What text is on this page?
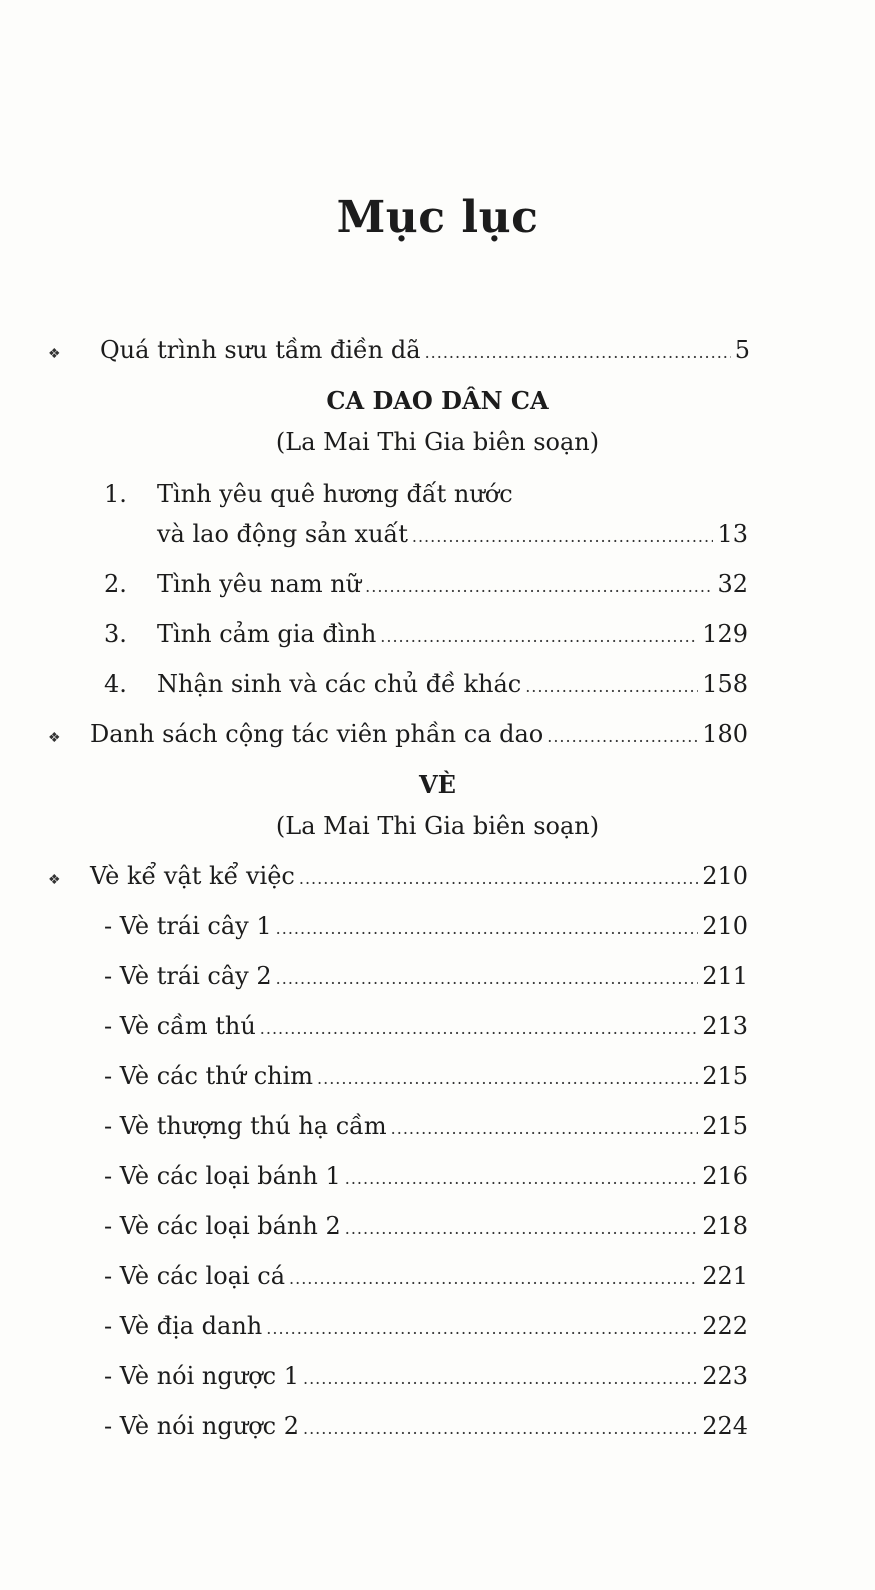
Mục lục
❖ Quá trình sưu tầm điền dã .....	5
CA DAO DÂN CA
(La Mai Thi Gia biên soạn)
1. Tình yêu quê hương đất nước
và lao động sản xuất .....	13
2. Tình yêu nam nữ .....	32
3. Tình cảm gia đình .....	129
4. Nhận sinh và các chủ đề khác .....	158
❖ Danh sách cộng tác viên phần ca dao .....	180
VÈ
(La Mai Thi Gia biên soạn)
❖ Vè kể vật kể việc .....	210
- Vè trái cây 1 .....	210
- Vè trái cây 2 .....	211
- Vè cầm thú .....	213
- Vè các thứ chim .....	215
- Vè thượng thú hạ cầm .....	215
- Vè các loại bánh 1 .....	216
- Vè các loại bánh 2 .....	218
- Vè các loại cá .....	221
- Vè địa danh .....	222
- Vè nói ngược 1 .....	223
- Vè nói ngược 2 .....	224
